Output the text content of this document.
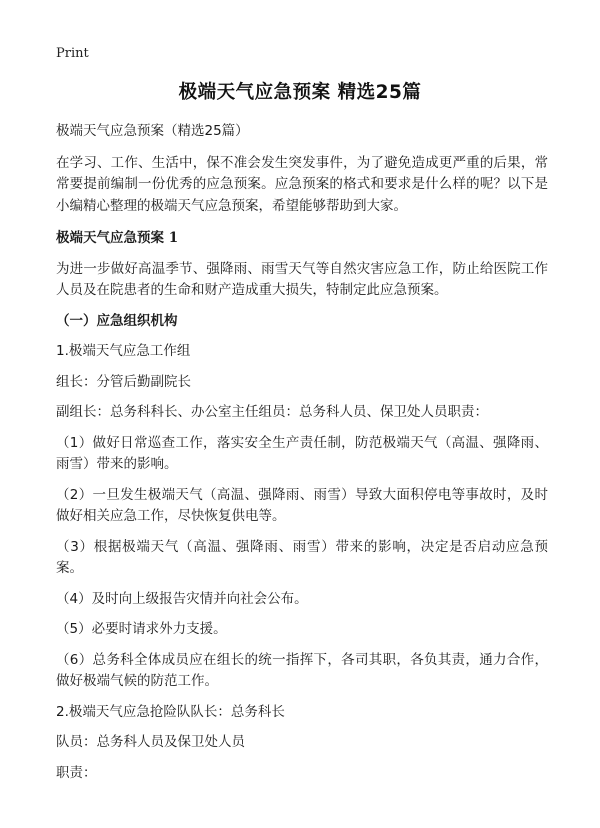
Print
极端天气应急预案 精选25篇
极端天气应急预案（精选25篇）
在学习、工作、生活中，保不准会发生突发事件，为了避免造成更严重的后果，常常要提前编制一份优秀的应急预案。应急预案的格式和要求是什么样的呢？以下是小编精心整理的极端天气应急预案，希望能够帮助到大家。
极端天气应急预案 1
为进一步做好高温季节、强降雨、雨雪天气等自然灾害应急工作，防止给医院工作人员及在院患者的生命和财产造成重大损失，特制定此应急预案。
（一）应急组织机构
1.极端天气应急工作组
组长：分管后勤副院长
副组长：总务科科长、办公室主任组员：总务科人员、保卫处人员职责：
（1）做好日常巡查工作，落实安全生产责任制，防范极端天气（高温、强降雨、雨雪）带来的影响。
（2）一旦发生极端天气（高温、强降雨、雨雪）导致大面积停电等事故时，及时做好相关应急工作，尽快恢复供电等。
（3）根据极端天气（高温、强降雨、雨雪）带来的影响，决定是否启动应急预案。
（4）及时向上级报告灾情并向社会公布。
（5）必要时请求外力支援。
（6）总务科全体成员应在组长的统一指挥下，各司其职，各负其责，通力合作，做好极端气候的防范工作。
2.极端天气应急抢险队队长：总务科长
队员：总务科人员及保卫处人员
职责：
